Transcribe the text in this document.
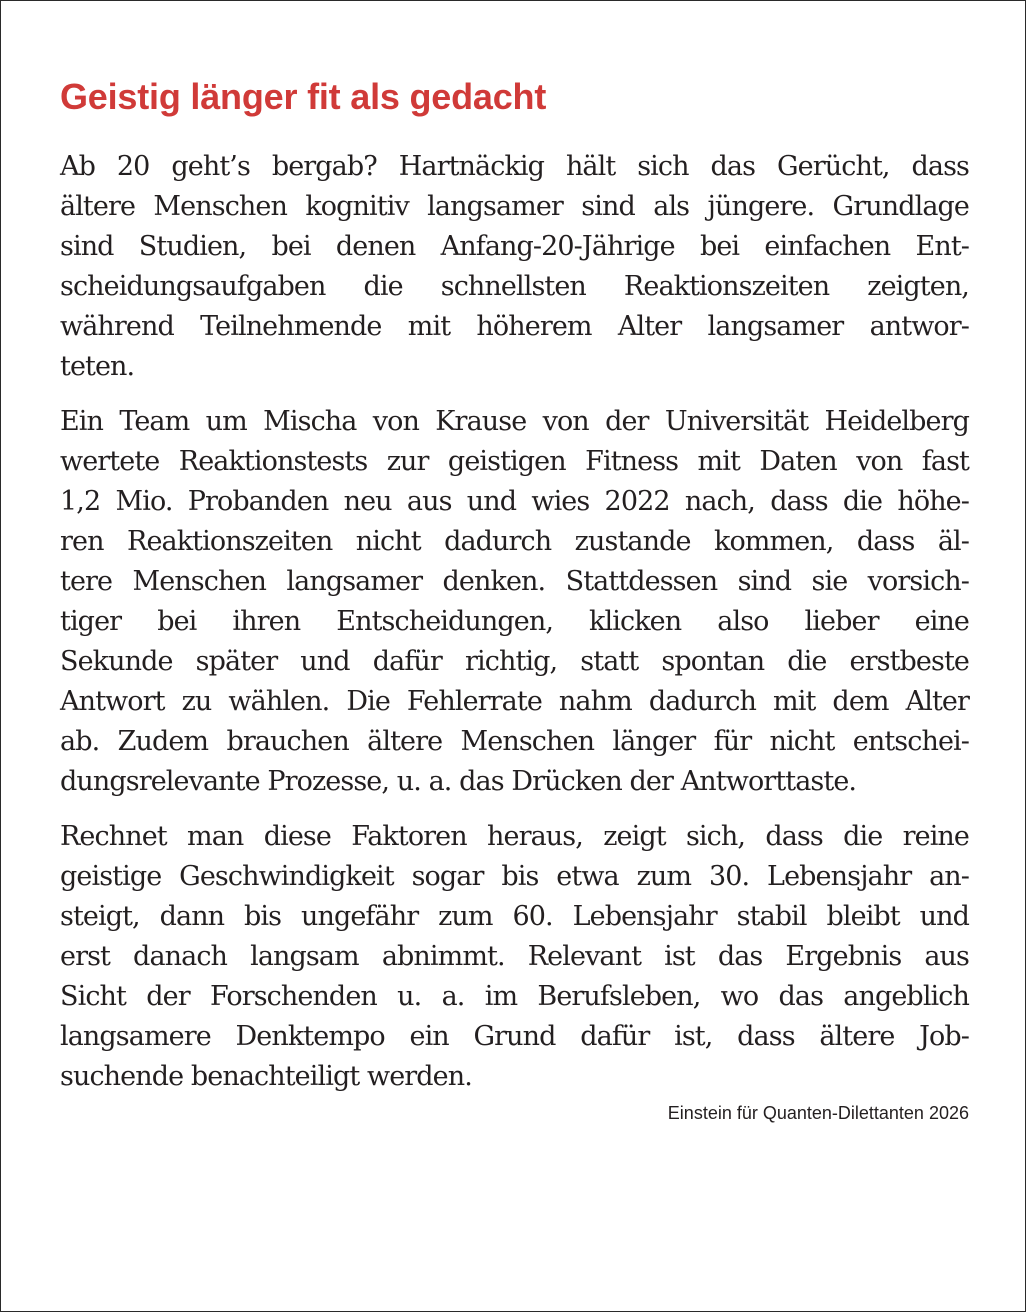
Geistig länger fit als gedacht

Ab 20 geht’s bergab? Hartnäckig hält sich das Gerücht, dass
ältere Menschen kognitiv langsamer sind als jüngere. Grundlage
sind Studien, bei denen Anfang-20-Jährige bei einfachen Ent-
scheidungsaufgaben die schnellsten Reaktionszeiten zeigten,
während Teilnehmende mit höherem Alter langsamer antwor-
teten.

Ein Team um Mischa von Krause von der Universität Heidelberg
wertete Reaktionstests zur geistigen Fitness mit Daten von fast
1,2 Mio. Probanden neu aus und wies 2022 nach, dass die höhe-
ren Reaktionszeiten nicht dadurch zustande kommen, dass äl-
tere Menschen langsamer denken. Stattdessen sind sie vorsich-
tiger bei ihren Entscheidungen, klicken also lieber eine
Sekunde später und dafür richtig, statt spontan die erstbeste
Antwort zu wählen. Die Fehlerrate nahm dadurch mit dem Alter
ab. Zudem brauchen ältere Menschen länger für nicht entschei-
dungsrelevante Prozesse, u. a. das Drücken der Antworttaste.

Rechnet man diese Faktoren heraus, zeigt sich, dass die reine
geistige Geschwindigkeit sogar bis etwa zum 30. Lebensjahr an-
steigt, dann bis ungefähr zum 60. Lebensjahr stabil bleibt und
erst danach langsam abnimmt. Relevant ist das Ergebnis aus
Sicht der Forschenden u. a. im Berufsleben, wo das angeblich
langsamere Denktempo ein Grund dafür ist, dass ältere Job-
suchende benachteiligt werden.

Einstein für Quanten-Dilettanten 2026
